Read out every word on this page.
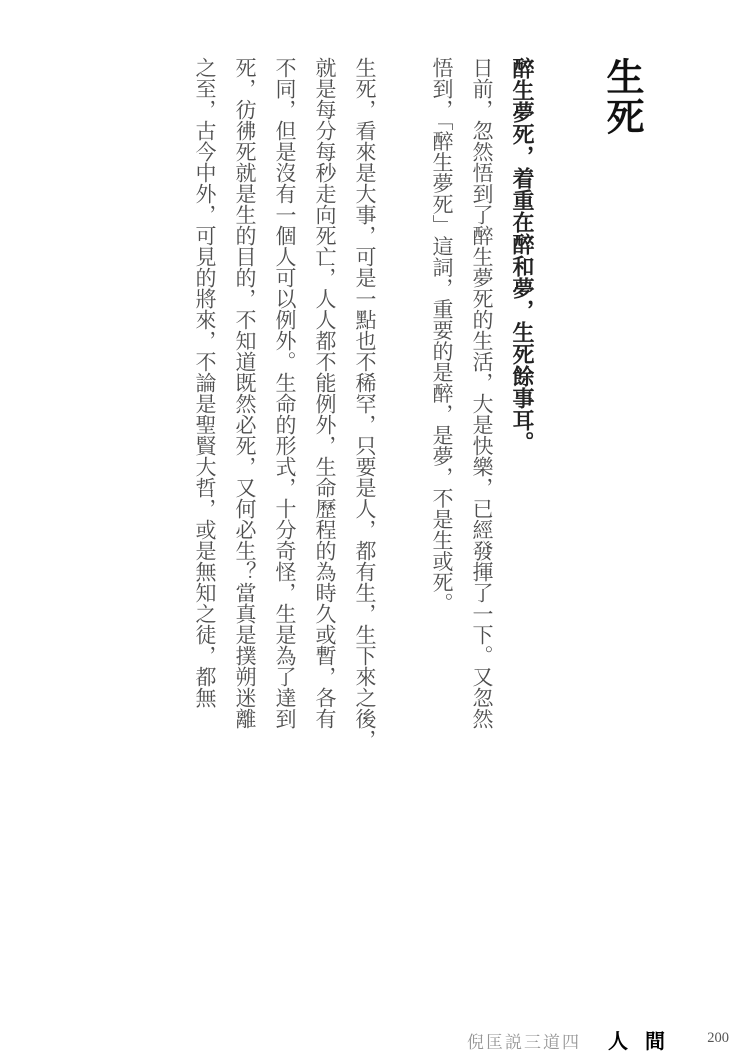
生死
醉生夢死，着重在醉和夢，生死餘事耳。
日前，忽然悟到了醉生夢死的生活，大是快樂，已經發揮了一下。又忽然
悟到，「醉生夢死」這詞，重要的是醉，是夢，不是生或死。
生死，看來是大事，可是一點也不稀罕，只要是人，都有生，生下來之後，
就是每分每秒走向死亡，人人都不能例外，生命歷程的為時久或暫，各有
不同，但是沒有一個人可以例外。生命的形式，十分奇怪，生是為了達到
死，彷彿死就是生的目的，不知道既然必死，又何必生？當真是撲朔迷離
之至，古今中外，可見的將來，不論是聖賢大哲，或是無知之徒，都無
倪匡説三道四 人間 200
